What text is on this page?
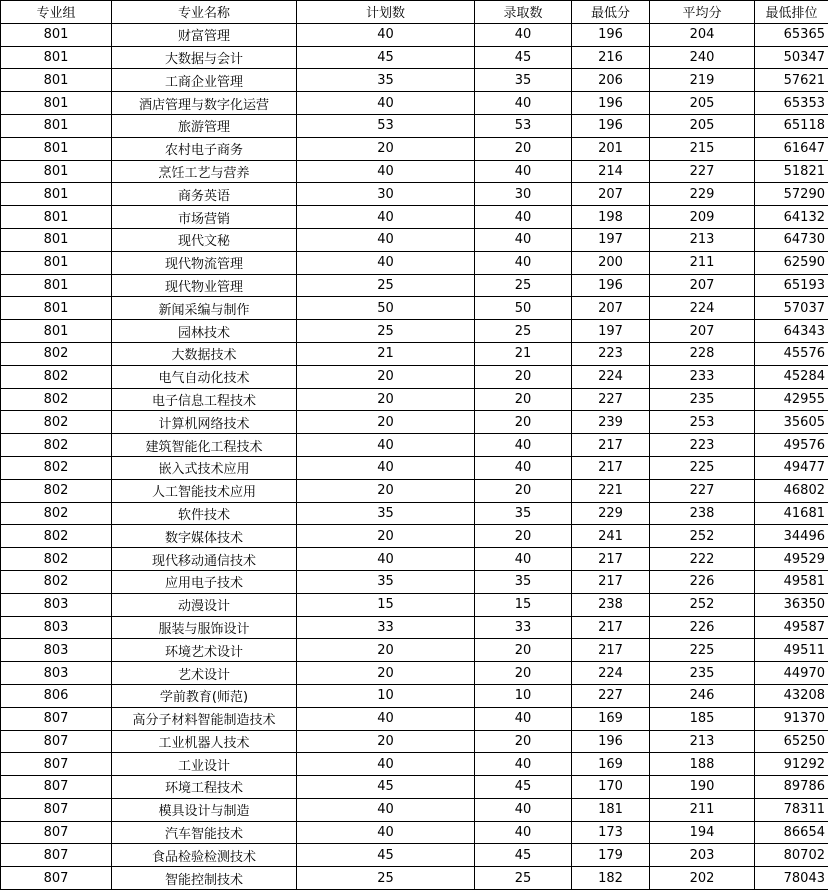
专业组	专业名称	计划数	录取数	最低分	平均分	最低排位
801	财富管理	40	40	196	204	65365
801	大数据与会计	45	45	216	240	50347
801	工商企业管理	35	35	206	219	57621
801	酒店管理与数字化运营	40	40	196	205	65353
801	旅游管理	53	53	196	205	65118
801	农村电子商务	20	20	201	215	61647
801	烹饪工艺与营养	40	40	214	227	51821
801	商务英语	30	30	207	229	57290
801	市场营销	40	40	198	209	64132
801	现代文秘	40	40	197	213	64730
801	现代物流管理	40	40	200	211	62590
801	现代物业管理	25	25	196	207	65193
801	新闻采编与制作	50	50	207	224	57037
801	园林技术	25	25	197	207	64343
802	大数据技术	21	21	223	228	45576
802	电气自动化技术	20	20	224	233	45284
802	电子信息工程技术	20	20	227	235	42955
802	计算机网络技术	20	20	239	253	35605
802	建筑智能化工程技术	40	40	217	223	49576
802	嵌入式技术应用	40	40	217	225	49477
802	人工智能技术应用	20	20	221	227	46802
802	软件技术	35	35	229	238	41681
802	数字媒体技术	20	20	241	252	34496
802	现代移动通信技术	40	40	217	222	49529
802	应用电子技术	35	35	217	226	49581
803	动漫设计	15	15	238	252	36350
803	服装与服饰设计	33	33	217	226	49587
803	环境艺术设计	20	20	217	225	49511
803	艺术设计	20	20	224	235	44970
806	学前教育(师范)	10	10	227	246	43208
807	高分子材料智能制造技术	40	40	169	185	91370
807	工业机器人技术	20	20	196	213	65250
807	工业设计	40	40	169	188	91292
807	环境工程技术	45	45	170	190	89786
807	模具设计与制造	40	40	181	211	78311
807	汽车智能技术	40	40	173	194	86654
807	食品检验检测技术	45	45	179	203	80702
807	智能控制技术	25	25	182	202	78043
